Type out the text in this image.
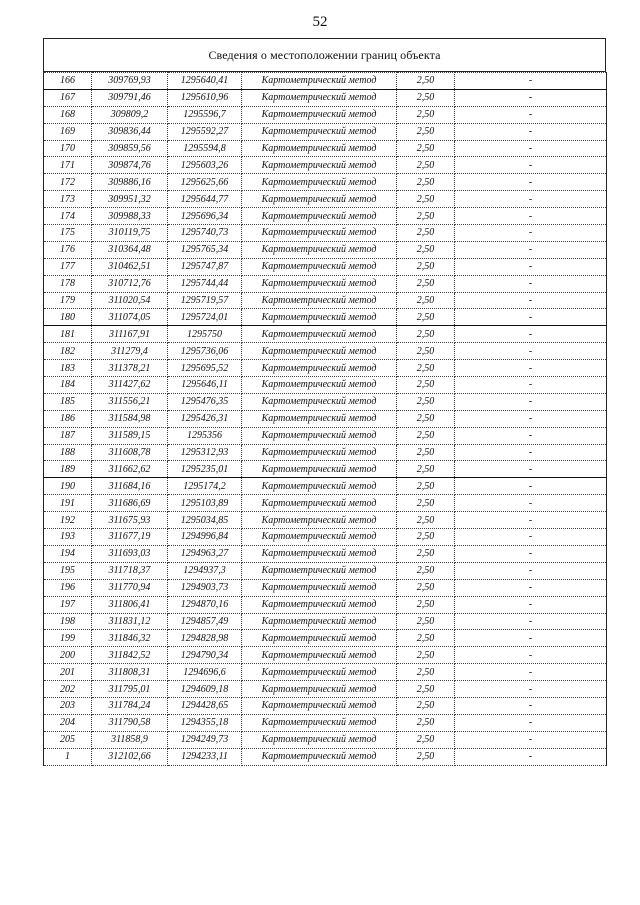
52
Сведения о местоположении границ объекта
166	309769,93	1295640,41	Картометрический метод	2,50	-
167	309791,46	1295610,96	Картометрический метод	2,50	-
168	309809,2	1295596,7	Картометрический метод	2,50	-
169	309836,44	1295592,27	Картометрический метод	2,50	-
170	309859,56	1295594,8	Картометрический метод	2,50	-
171	309874,76	1295603,26	Картометрический метод	2,50	-
172	309886,16	1295625,66	Картометрический метод	2,50	-
173	309951,32	1295644,77	Картометрический метод	2,50	-
174	309988,33	1295696,34	Картометрический метод	2,50	-
175	310119,75	1295740,73	Картометрический метод	2,50	-
176	310364,48	1295765,34	Картометрический метод	2,50	-
177	310462,51	1295747,87	Картометрический метод	2,50	-
178	310712,76	1295744,44	Картометрический метод	2,50	-
179	311020,54	1295719,57	Картометрический метод	2,50	-
180	311074,05	1295724,01	Картометрический метод	2,50	-
181	311167,91	1295750	Картометрический метод	2,50	-
182	311279,4	1295736,06	Картометрический метод	2,50	-
183	311378,21	1295695,52	Картометрический метод	2,50	-
184	311427,62	1295646,11	Картометрический метод	2,50	-
185	311556,21	1295476,35	Картометрический метод	2,50	-
186	311584,98	1295426,31	Картометрический метод	2,50	-
187	311589,15	1295356	Картометрический метод	2,50	-
188	311608,78	1295312,93	Картометрический метод	2,50	-
189	311662,62	1295235,01	Картометрический метод	2,50	-
190	311684,16	1295174,2	Картометрический метод	2,50	-
191	311686,69	1295103,89	Картометрический метод	2,50	-
192	311675,93	1295034,85	Картометрический метод	2,50	-
193	311677,19	1294996,84	Картометрический метод	2,50	-
194	311693,03	1294963,27	Картометрический метод	2,50	-
195	311718,37	1294937,3	Картометрический метод	2,50	-
196	311770,94	1294903,73	Картометрический метод	2,50	-
197	311806,41	1294870,16	Картометрический метод	2,50	-
198	311831,12	1294857,49	Картометрический метод	2,50	-
199	311846,32	1294828,98	Картометрический метод	2,50	-
200	311842,52	1294790,34	Картометрический метод	2,50	-
201	311808,31	1294696,6	Картометрический метод	2,50	-
202	311795,01	1294609,18	Картометрический метод	2,50	-
203	311784,24	1294428,65	Картометрический метод	2,50	-
204	311790,58	1294355,18	Картометрический метод	2,50	-
205	311858,9	1294249,73	Картометрический метод	2,50	-
1	312102,66	1294233,11	Картометрический метод	2,50	-
